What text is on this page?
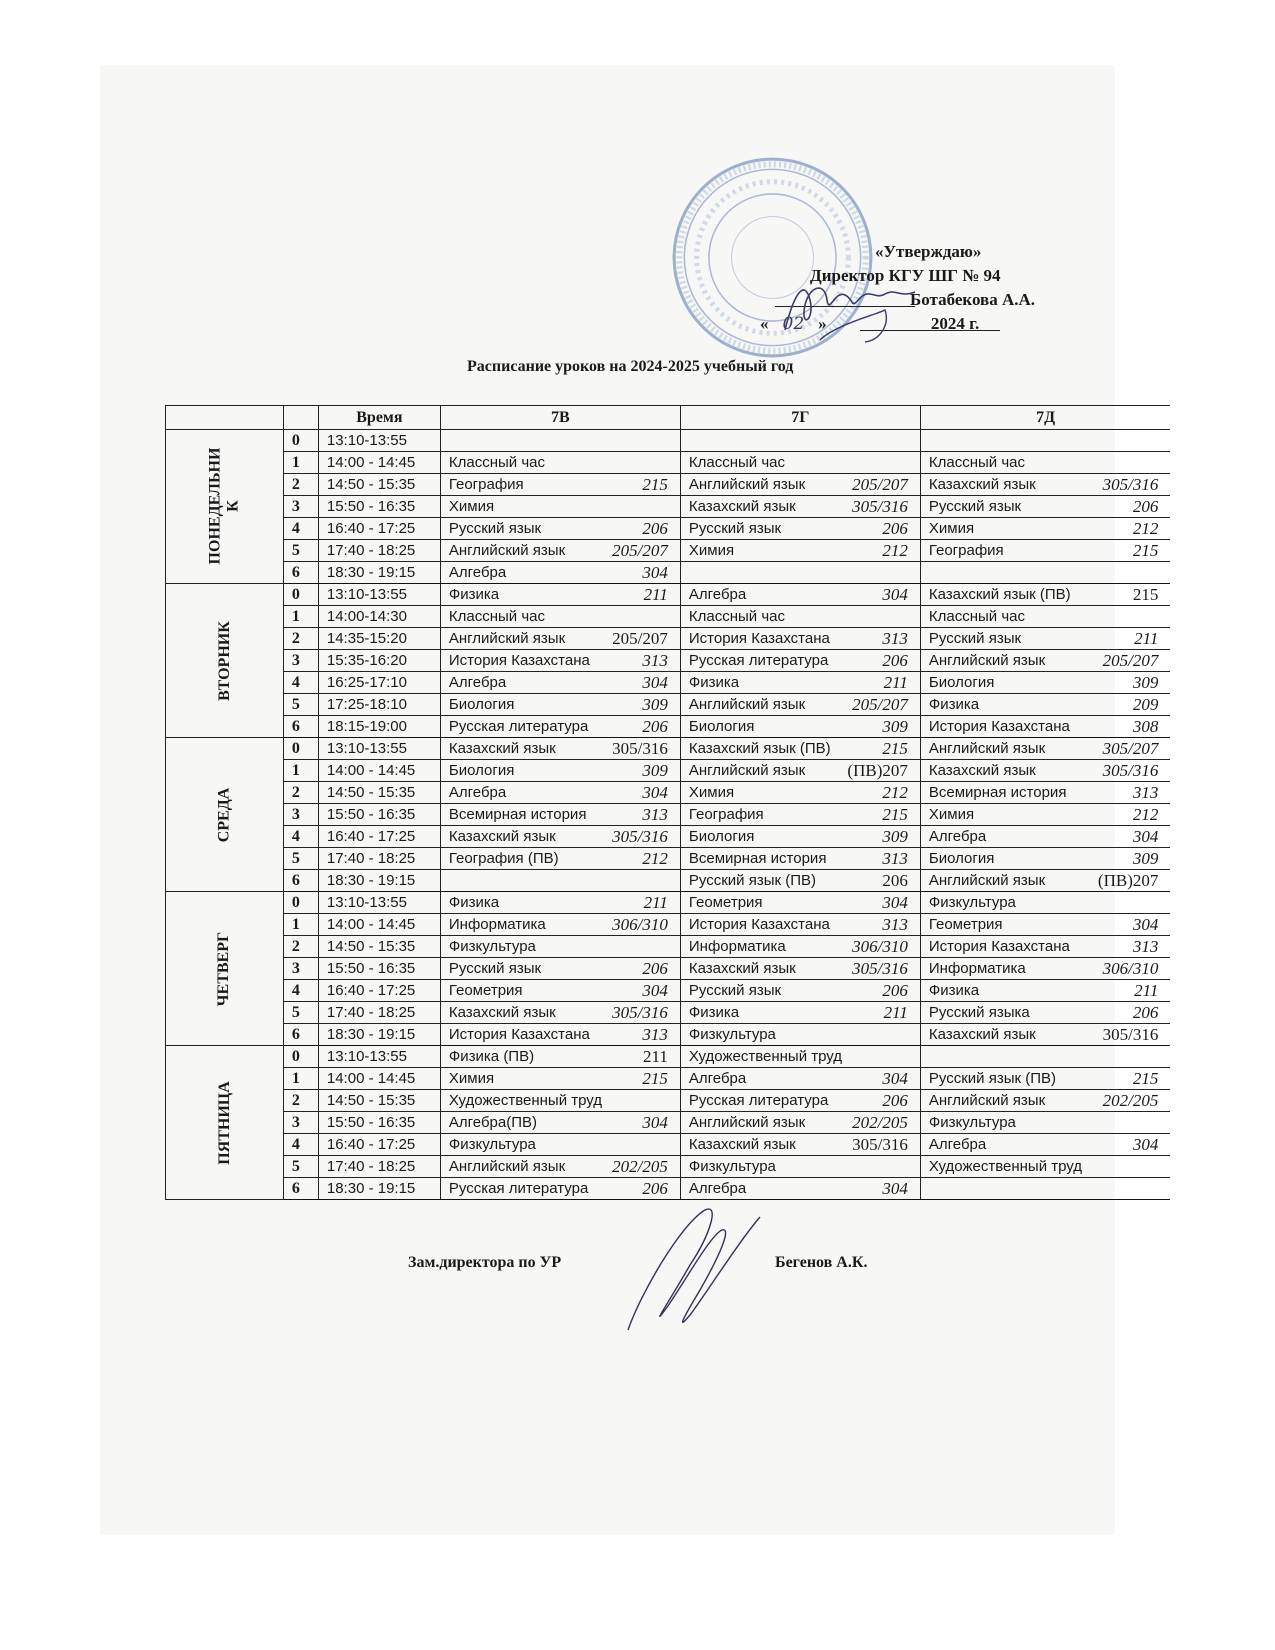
«Утверждаю»
Директор КГУ ШГ № 94
Ботабекова А.А.
« 02 »	2024 г.
Расписание уроков на 2024-2025 учебный год
		Время	7В	7Г	7Д

ПОНЕДЕЛЬНИ К	0	13:10-13:55	

	1	14:00 - 14:45	Классный час	Классный час	Классный час

	2	14:50 - 15:35	География 215	Английский язык 205/207	Казахский язык 305/316

	3	15:50 - 16:35	Химия	Казахский язык 305/316	Русский язык 206

	4	16:40 - 17:25	Русский язык 206	Русский язык 206	Химия 212

	5	17:40 - 18:25	Английский язык 205/207	Химия 212	География 215

	6	18:30 - 19:15	Алгебра 304		

ВТОРНИК	0	13:10-13:55	Физика 211	Алгебра 304	Казахский язык (ПВ) 215

	1	14:00-14:30	Классный час	Классный час	Классный час

	2	14:35-15:20	Английский язык 205/207	История Казахстана 313	Русский язык 211

	3	15:35-16:20	История Казахстана 313	Русская литература 206	Английский язык 205/207

	4	16:25-17:10	Алгебра 304	Физика 211	Биология 309

	5	17:25-18:10	Биология 309	Английский язык 205/207	Физика 209

	6	18:15-19:00	Русская литература 206	Биология 309	История Казахстана 308

СРЕДА	0	13:10-13:55	Казахский язык 305/316	Казахский язык (ПВ) 215	Английский язык 305/207

	1	14:00 - 14:45	Биология 309	Английский язык (ПВ)207	Казахский язык 305/316

	2	14:50 - 15:35	Алгебра 304	Химия 212	Всемирная история 313

	3	15:50 - 16:35	Всемирная история 313	География 215	Химия 212

	4	16:40 - 17:25	Казахский язык 305/316	Биология 309	Алгебра 304

	5	17:40 - 18:25	География (ПВ) 212	Всемирная история 313	Биология 309

	6	18:30 - 19:15		Русский язык (ПВ) 206	Английский язык (ПВ)207

ЧЕТВЕРГ	0	13:10-13:55	Физика 211	Геометрия 304	Физкультура

	1	14:00 - 14:45	Информатика 306/310	История Казахстана 313	Геометрия 304

	2	14:50 - 15:35	Физкультура	Информатика 306/310	История Казахстана 313

	3	15:50 - 16:35	Русский язык 206	Казахский язык 305/316	Информатика 306/310

	4	16:40 - 17:25	Геометрия 304	Русский язык 206	Физика 211

	5	17:40 - 18:25	Казахский язык 305/316	Физика 211	Русский языка 206

	6	18:30 - 19:15	История Казахстана 313	Физкультура	Казахский язык 305/316

ПЯТНИЦА	0	13:10-13:55	Физика (ПВ) 211	Художественный труд

	1	14:00 - 14:45	Химия 215	Алгебра 304	Русский язык (ПВ) 215

	2	14:50 - 15:35	Художественный труд	Русская литература 206	Английский язык 202/205

	3	15:50 - 16:35	Алгебра(ПВ) 304	Английский язык 202/205	Физкультура

	4	16:40 - 17:25	Физкультура	Казахский язык 305/316	Алгебра 304

	5	17:40 - 18:25	Английский язык 202/205	Физкультура	Художественный труд

	6	18:30 - 19:15	Русская литература 206	Алгебра 304	

Зам.директора по УР	Бегенов А.К.
